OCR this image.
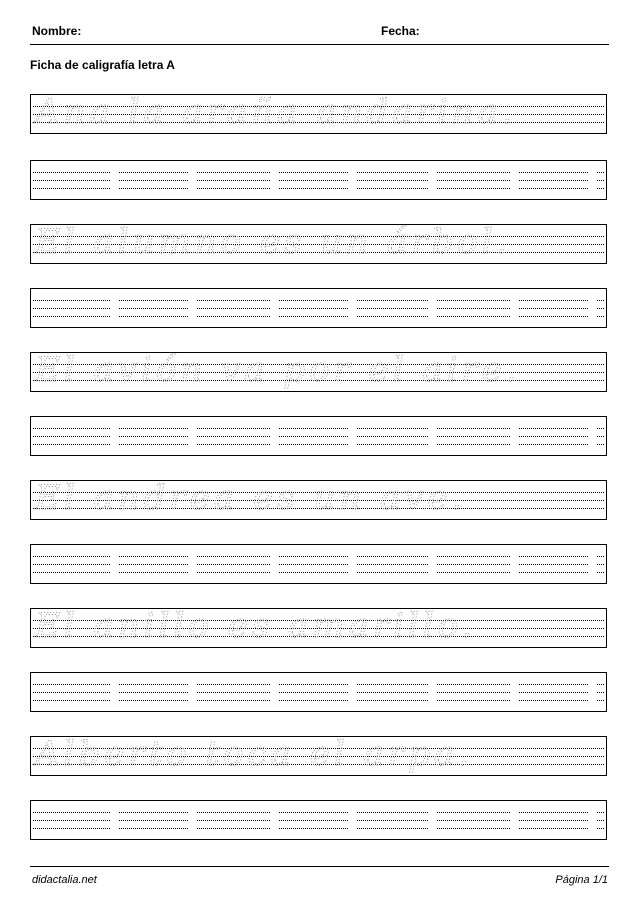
Nombre:	Fecha:
Ficha de caligrafía letra A
Ana la araña andarina.
El alumno es un árbol.
El avión va por el aire.
El andrea es un ave.
El anillo es amarillo.
Alberto toca el arpa.
didactalia.net	Página 1/1
